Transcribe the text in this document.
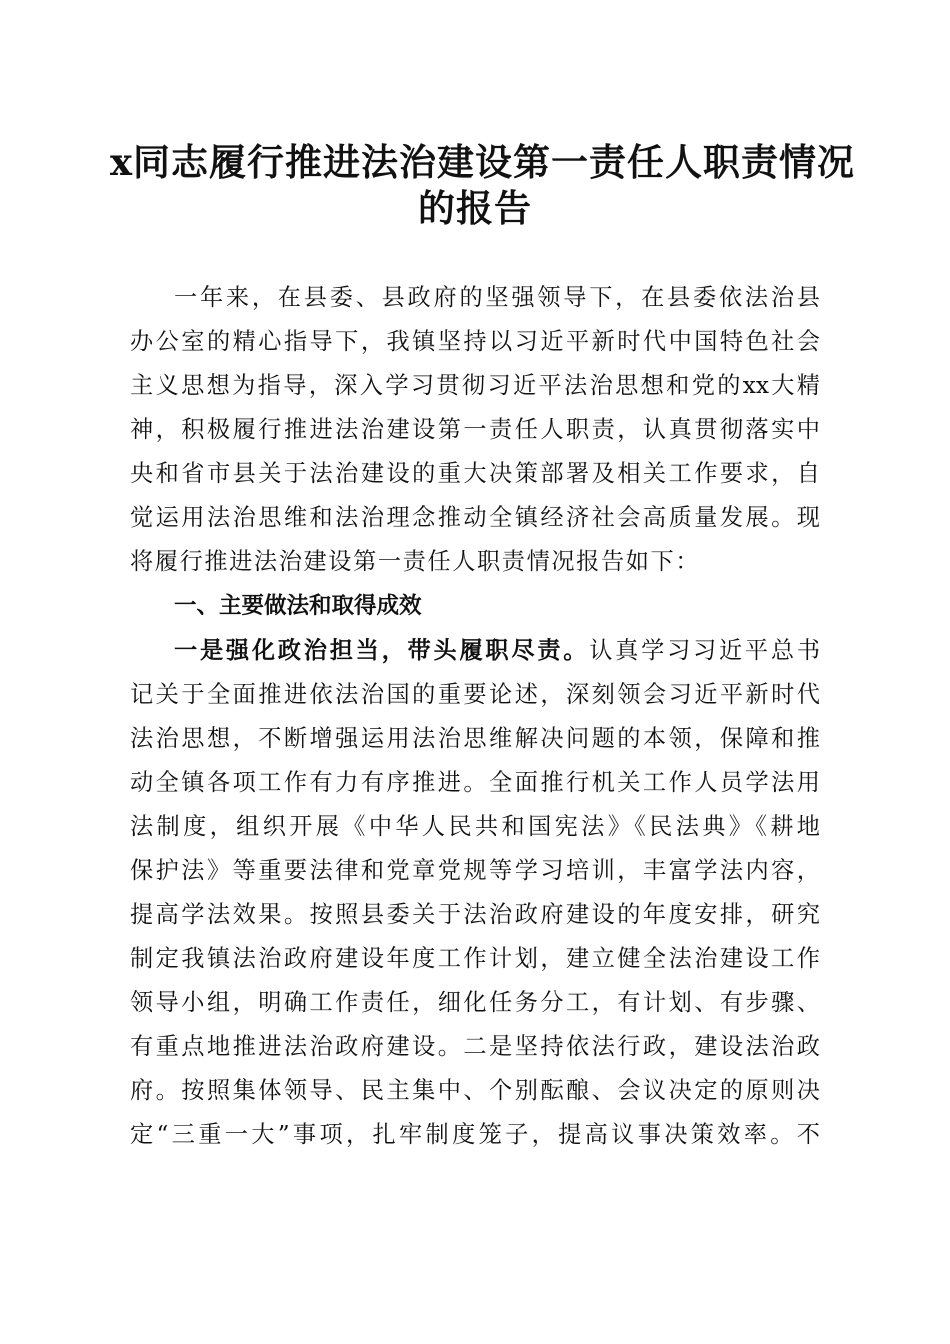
x同志履行推进法治建设第一责任人职责情况
的报告

一年来，在县委、县政府的坚强领导下，在县委依法治县

办公室的精心指导下，我镇坚持以习近平新时代中国特色社会

主义思想为指导，深入学习贯彻习近平法治思想和党的xx大精

神，积极履行推进法治建设第一责任人职责，认真贯彻落实中

央和省市县关于法治建设的重大决策部署及相关工作要求，自

觉运用法治思维和法治理念推动全镇经济社会高质量发展。现

将履行推进法治建设第一责任人职责情况报告如下：

一、主要做法和取得成效

一是强化政治担当，带头履职尽责。认真学习习近平总书

记关于全面推进依法治国的重要论述，深刻领会习近平新时代

法治思想，不断增强运用法治思维解决问题的本领，保障和推

动全镇各项工作有力有序推进。全面推行机关工作人员学法用

法制度，组织开展《中华人民共和国宪法》《民法典》《耕地

保护法》等重要法律和党章党规等学习培训，丰富学法内容，

提高学法效果。按照县委关于法治政府建设的年度安排，研究

制定我镇法治政府建设年度工作计划，建立健全法治建设工作

领导小组，明确工作责任，细化任务分工，有计划、有步骤、

有重点地推进法治政府建设。二是坚持依法行政，建设法治政

府。按照集体领导、民主集中、个别酝酿、会议决定的原则决

定“三重一大”事项，扎牢制度笼子，提高议事决策效率。不
